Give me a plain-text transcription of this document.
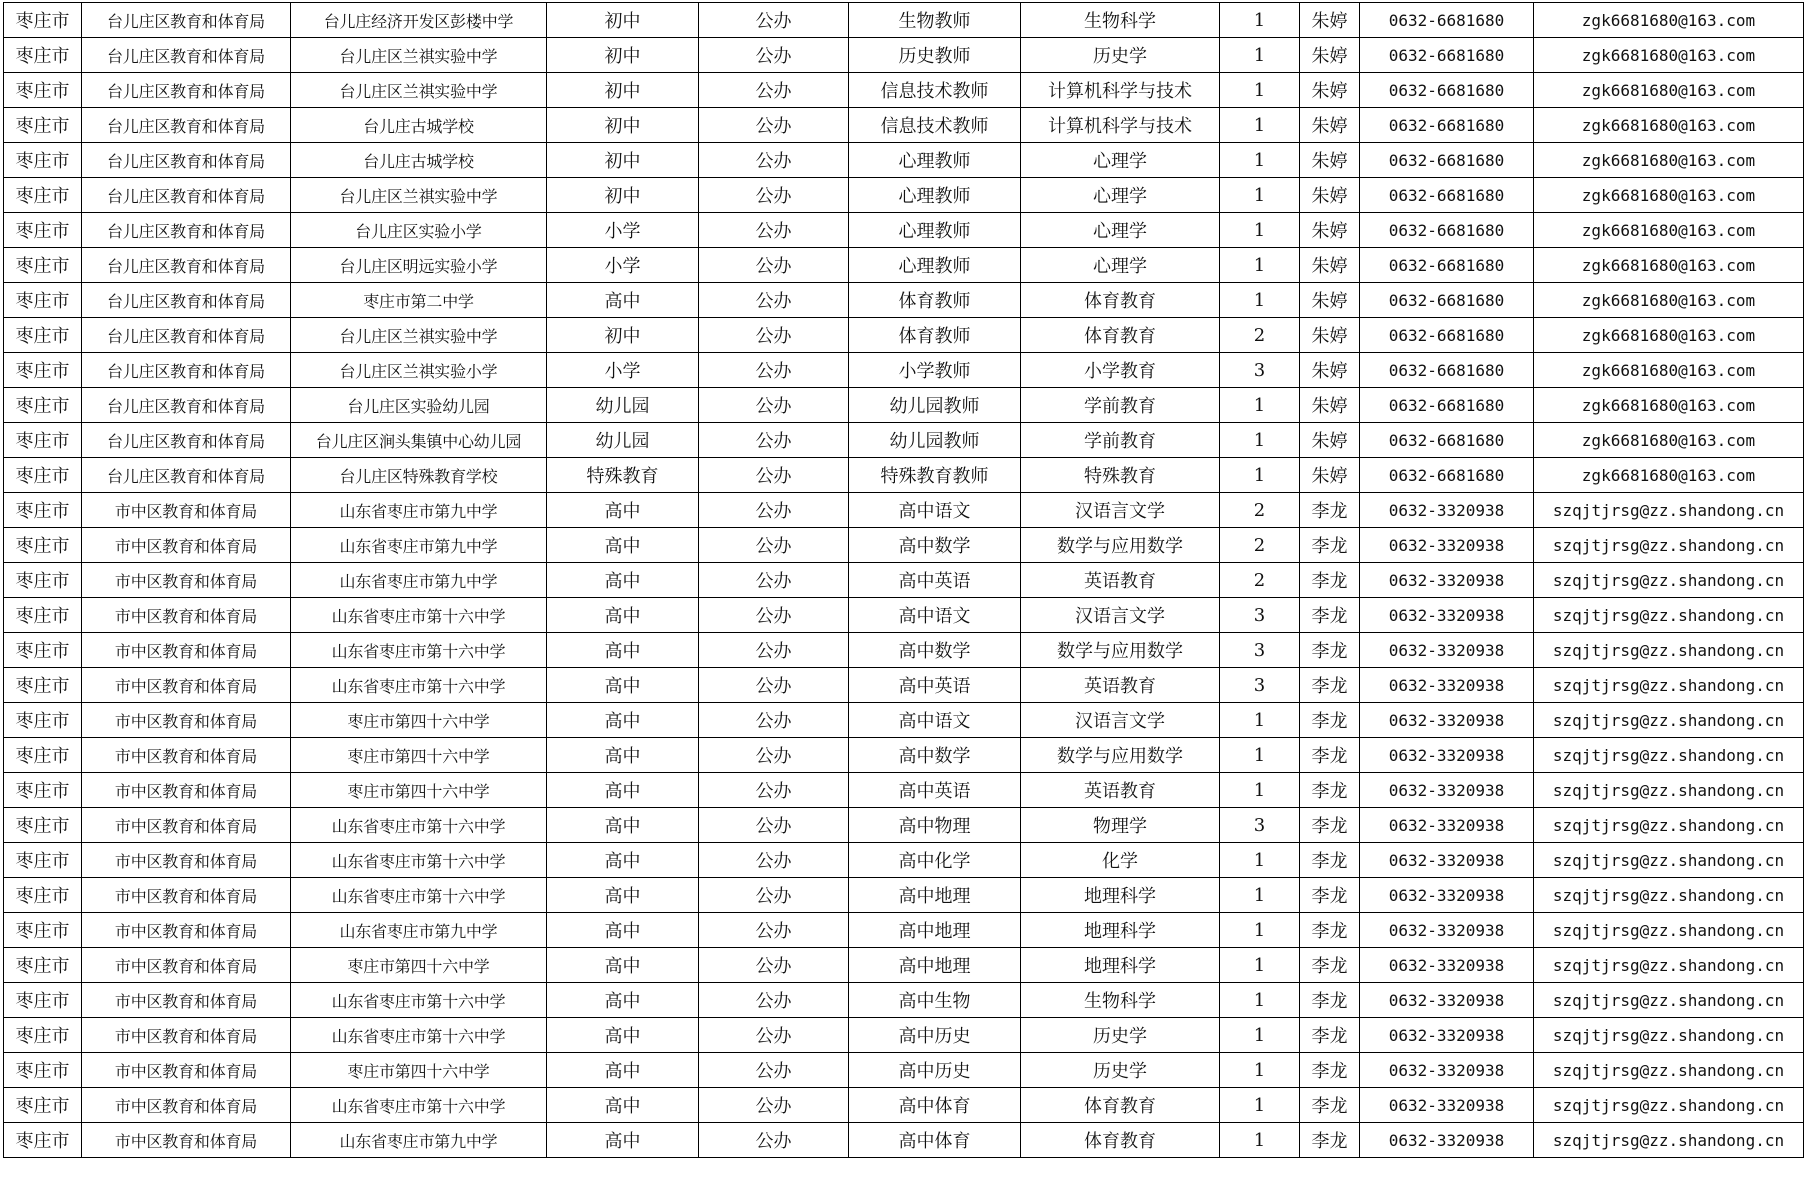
枣庄市	台儿庄区教育和体育局	台儿庄经济开发区彭楼中学	初中	公办	生物教师	生物科学	1	朱婷	0632-6681680	zgk6681680@163.com
枣庄市	台儿庄区教育和体育局	台儿庄区兰祺实验中学	初中	公办	历史教师	历史学	1	朱婷	0632-6681680	zgk6681680@163.com
枣庄市	台儿庄区教育和体育局	台儿庄区兰祺实验中学	初中	公办	信息技术教师	计算机科学与技术	1	朱婷	0632-6681680	zgk6681680@163.com
枣庄市	台儿庄区教育和体育局	台儿庄古城学校	初中	公办	信息技术教师	计算机科学与技术	1	朱婷	0632-6681680	zgk6681680@163.com
枣庄市	台儿庄区教育和体育局	台儿庄古城学校	初中	公办	心理教师	心理学	1	朱婷	0632-6681680	zgk6681680@163.com
枣庄市	台儿庄区教育和体育局	台儿庄区兰祺实验中学	初中	公办	心理教师	心理学	1	朱婷	0632-6681680	zgk6681680@163.com
枣庄市	台儿庄区教育和体育局	台儿庄区实验小学	小学	公办	心理教师	心理学	1	朱婷	0632-6681680	zgk6681680@163.com
枣庄市	台儿庄区教育和体育局	台儿庄区明远实验小学	小学	公办	心理教师	心理学	1	朱婷	0632-6681680	zgk6681680@163.com
枣庄市	台儿庄区教育和体育局	枣庄市第二中学	高中	公办	体育教师	体育教育	1	朱婷	0632-6681680	zgk6681680@163.com
枣庄市	台儿庄区教育和体育局	台儿庄区兰祺实验中学	初中	公办	体育教师	体育教育	2	朱婷	0632-6681680	zgk6681680@163.com
枣庄市	台儿庄区教育和体育局	台儿庄区兰祺实验小学	小学	公办	小学教师	小学教育	3	朱婷	0632-6681680	zgk6681680@163.com
枣庄市	台儿庄区教育和体育局	台儿庄区实验幼儿园	幼儿园	公办	幼儿园教师	学前教育	1	朱婷	0632-6681680	zgk6681680@163.com
枣庄市	台儿庄区教育和体育局	台儿庄区涧头集镇中心幼儿园	幼儿园	公办	幼儿园教师	学前教育	1	朱婷	0632-6681680	zgk6681680@163.com
枣庄市	台儿庄区教育和体育局	台儿庄区特殊教育学校	特殊教育	公办	特殊教育教师	特殊教育	1	朱婷	0632-6681680	zgk6681680@163.com
枣庄市	市中区教育和体育局	山东省枣庄市第九中学	高中	公办	高中语文	汉语言文学	2	李龙	0632-3320938	szqjtjrsg@zz.shandong.cn
枣庄市	市中区教育和体育局	山东省枣庄市第九中学	高中	公办	高中数学	数学与应用数学	2	李龙	0632-3320938	szqjtjrsg@zz.shandong.cn
枣庄市	市中区教育和体育局	山东省枣庄市第九中学	高中	公办	高中英语	英语教育	2	李龙	0632-3320938	szqjtjrsg@zz.shandong.cn
枣庄市	市中区教育和体育局	山东省枣庄市第十六中学	高中	公办	高中语文	汉语言文学	3	李龙	0632-3320938	szqjtjrsg@zz.shandong.cn
枣庄市	市中区教育和体育局	山东省枣庄市第十六中学	高中	公办	高中数学	数学与应用数学	3	李龙	0632-3320938	szqjtjrsg@zz.shandong.cn
枣庄市	市中区教育和体育局	山东省枣庄市第十六中学	高中	公办	高中英语	英语教育	3	李龙	0632-3320938	szqjtjrsg@zz.shandong.cn
枣庄市	市中区教育和体育局	枣庄市第四十六中学	高中	公办	高中语文	汉语言文学	1	李龙	0632-3320938	szqjtjrsg@zz.shandong.cn
枣庄市	市中区教育和体育局	枣庄市第四十六中学	高中	公办	高中数学	数学与应用数学	1	李龙	0632-3320938	szqjtjrsg@zz.shandong.cn
枣庄市	市中区教育和体育局	枣庄市第四十六中学	高中	公办	高中英语	英语教育	1	李龙	0632-3320938	szqjtjrsg@zz.shandong.cn
枣庄市	市中区教育和体育局	山东省枣庄市第十六中学	高中	公办	高中物理	物理学	3	李龙	0632-3320938	szqjtjrsg@zz.shandong.cn
枣庄市	市中区教育和体育局	山东省枣庄市第十六中学	高中	公办	高中化学	化学	1	李龙	0632-3320938	szqjtjrsg@zz.shandong.cn
枣庄市	市中区教育和体育局	山东省枣庄市第十六中学	高中	公办	高中地理	地理科学	1	李龙	0632-3320938	szqjtjrsg@zz.shandong.cn
枣庄市	市中区教育和体育局	山东省枣庄市第九中学	高中	公办	高中地理	地理科学	1	李龙	0632-3320938	szqjtjrsg@zz.shandong.cn
枣庄市	市中区教育和体育局	枣庄市第四十六中学	高中	公办	高中地理	地理科学	1	李龙	0632-3320938	szqjtjrsg@zz.shandong.cn
枣庄市	市中区教育和体育局	山东省枣庄市第十六中学	高中	公办	高中生物	生物科学	1	李龙	0632-3320938	szqjtjrsg@zz.shandong.cn
枣庄市	市中区教育和体育局	山东省枣庄市第十六中学	高中	公办	高中历史	历史学	1	李龙	0632-3320938	szqjtjrsg@zz.shandong.cn
枣庄市	市中区教育和体育局	枣庄市第四十六中学	高中	公办	高中历史	历史学	1	李龙	0632-3320938	szqjtjrsg@zz.shandong.cn
枣庄市	市中区教育和体育局	山东省枣庄市第十六中学	高中	公办	高中体育	体育教育	1	李龙	0632-3320938	szqjtjrsg@zz.shandong.cn
枣庄市	市中区教育和体育局	山东省枣庄市第九中学	高中	公办	高中体育	体育教育	1	李龙	0632-3320938	szqjtjrsg@zz.shandong.cn
